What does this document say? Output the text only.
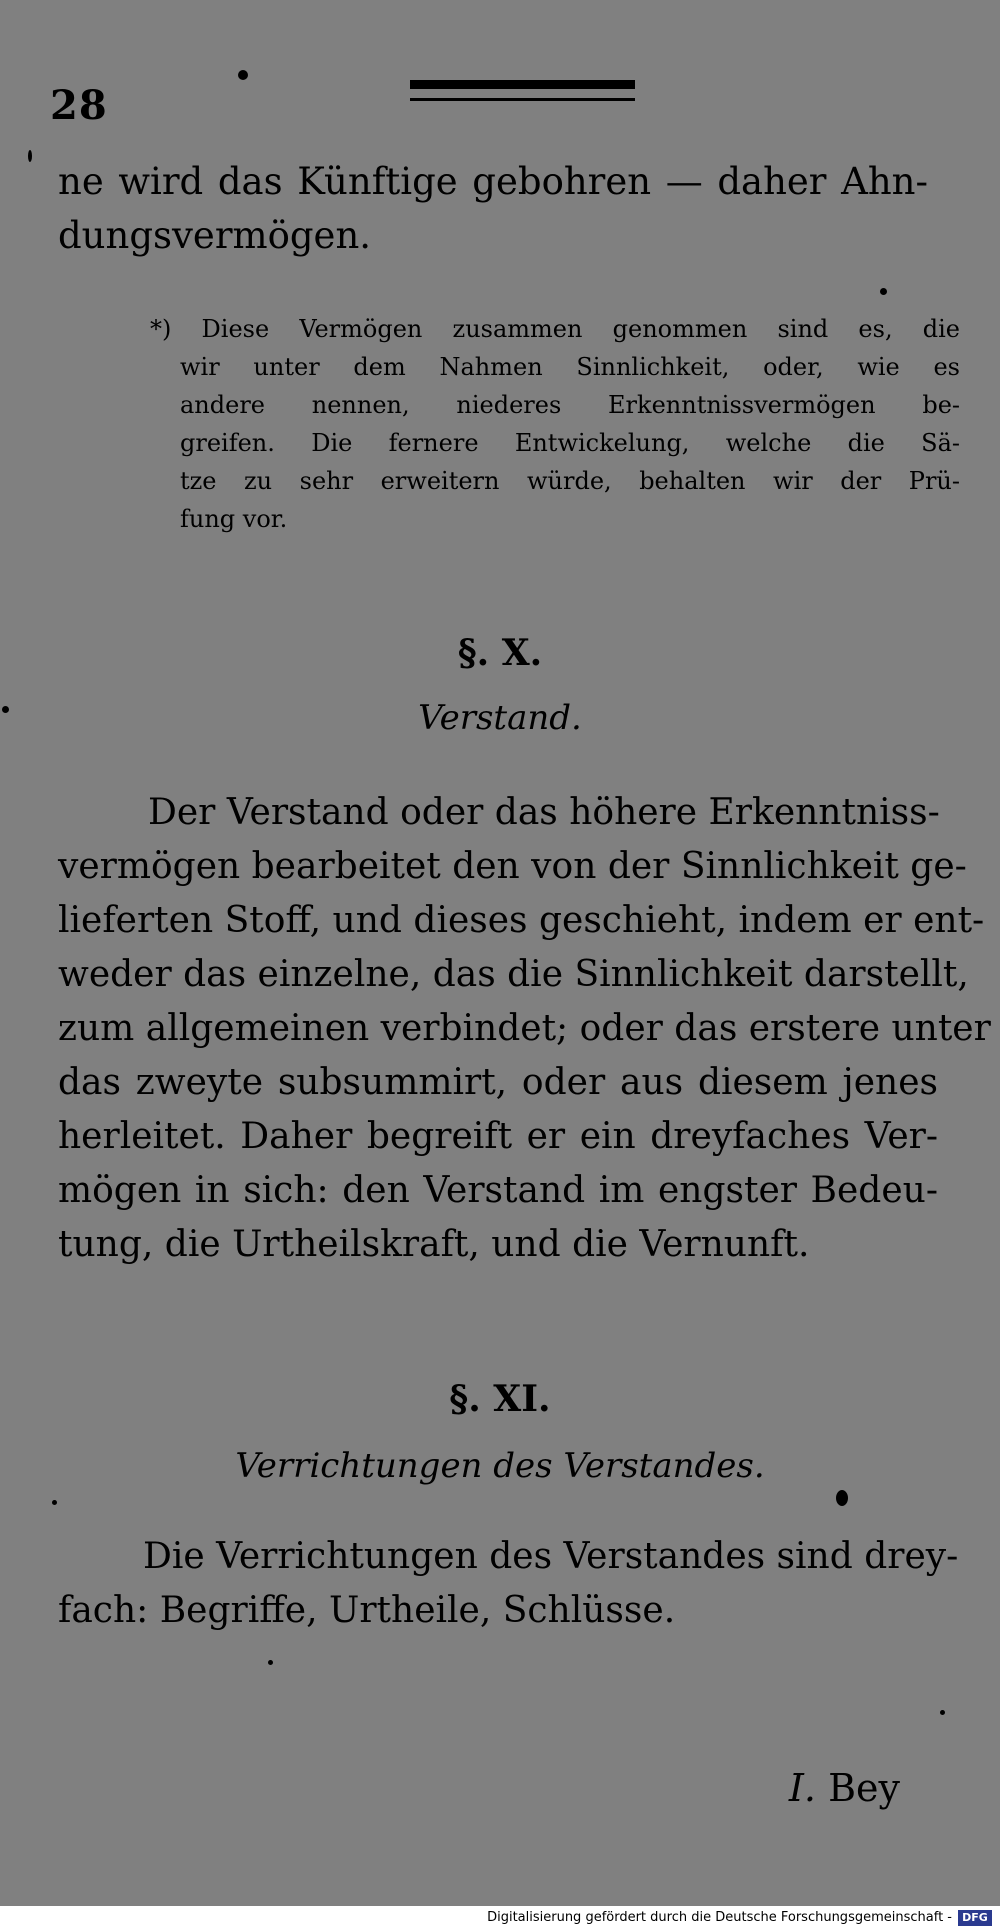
28
ne wird das Künftige gebohren — daher Ahn-
dungsvermögen.
*) Diese Vermögen zusammen genommen sind es, die
wir unter dem Nahmen Sinnlichkeit, oder, wie es
andere nennen, niederes Erkenntnissvermögen be-
greifen. Die fernere Entwickelung, welche die Sä-
tze zu sehr erweitern würde, behalten wir der Prü-
fung vor.
§. X.
Verstand.
Der Verstand oder das höhere Erkenntniss-
vermögen bearbeitet den von der Sinnlichkeit ge-
lieferten Stoff, und dieses geschieht, indem er ent-
weder das einzelne, das die Sinnlichkeit darstellt,
zum allgemeinen verbindet; oder das erstere unter
das zweyte subsummirt, oder aus diesem jenes
herleitet. Daher begreift er ein dreyfaches Ver-
mögen in sich: den Verstand im engster Bedeu-
tung, die Urtheilskraft, und die Vernunft.
§. XI.
Verrichtungen des Verstandes.
Die Verrichtungen des Verstandes sind drey-
fach: Begriffe, Urtheile, Schlüsse.
I. Bey
Digitalisierung gefördert durch die Deutsche Forschungsgemeinschaft - DFG
